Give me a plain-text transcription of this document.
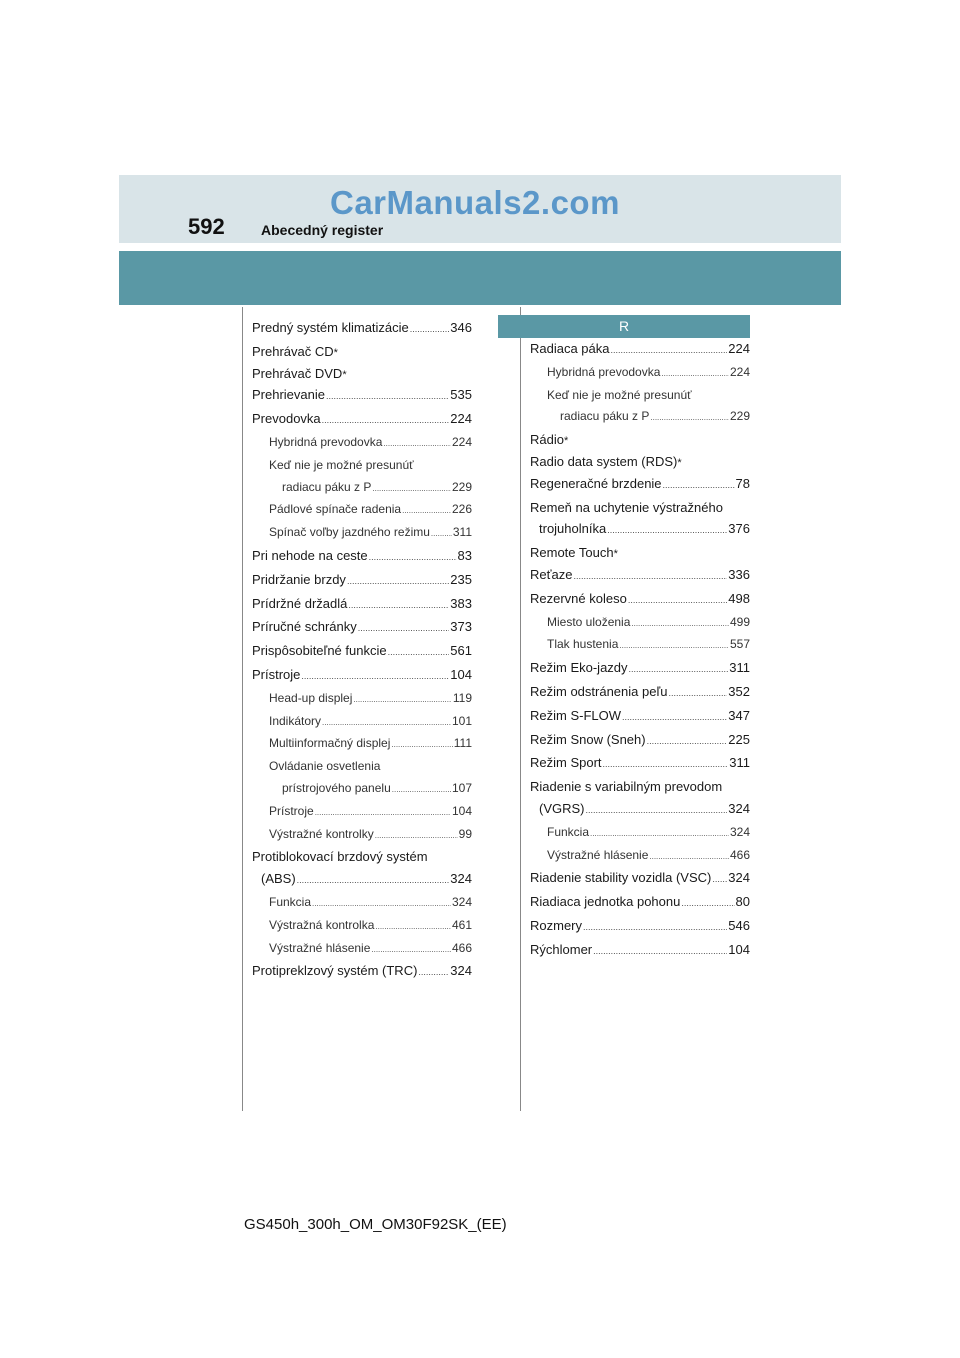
CarManuals2.com
592	Abecedný register
Predný systém klimatizácie .....	346
Prehrávač CD *
Prehrávač DVD *
Prehrievanie .....	535
Prevodovka .....	224
Hybridná prevodovka .....	224
Keď nie je možné presunúť
radiacu páku z P .....	229
Pádlové spínače radenia .....	226
Spínač voľby jazdného režimu ..... 311
Pri nehode na ceste .....	83
Pridržanie brzdy .....	235
Prídržné držadlá .....	383
Príručné schránky .....	373
Prispôsobiteľné funkcie .....	561
Prístroje .....	104
Head-up displej .....	119
Indikátory .....	101
Multiinformačný displej .....	111
Ovládanie osvetlenia
prístrojového panelu .....	107
Prístroje .....	104
Výstražné kontrolky .....	99
Protiblokovací brzdový systém
(ABS) .....	324
Funkcia .....	324
Výstražná kontrolka .....	461
Výstražné hlásenie .....	466
Protipreklzový systém (TRC) .....	324
R
Radiaca páka .....	224
Hybridná prevodovka .....	224
Keď nie je možné presunúť
radiacu páku z P .....	229
Rádio *
Radio data system (RDS) *
Regeneračné brzdenie .....	78
Remeň na uchytenie výstražného
trojuholníka .....	376
Remote Touch *
Reťaze .....	336
Rezervné koleso .....	498
Miesto uloženia .....	499
Tlak hustenia .....	557
Režim Eko-jazdy .....	311
Režim odstránenia peľu .....	352
Režim S-FLOW .....	347
Režim Snow (Sneh) .....	225
Režim Sport .....	311
Riadenie s variabilným prevodom
(VGRS) .....	324
Funkcia .....	324
Výstražné hlásenie .....	466
Riadenie stability vozidla (VSC) ..... 324
Riadiaca jednotka pohonu .....	80
Rozmery .....	546
Rýchlomer .....	104
GS450h_300h_OM_OM30F92SK_(EE)
